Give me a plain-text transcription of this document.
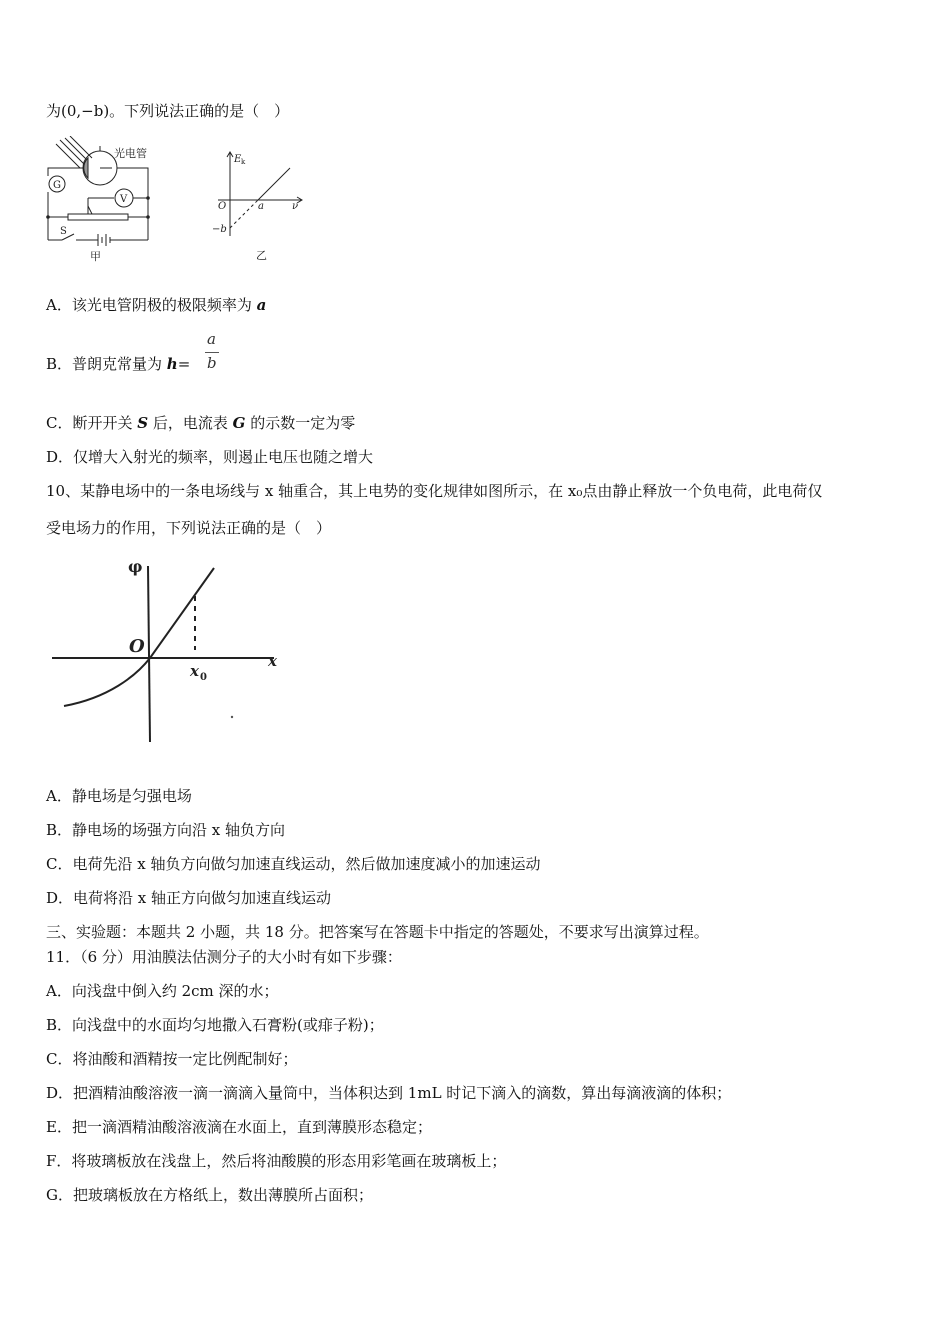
为(0,−b)。下列说法正确的是（　）
光电管
G
V
S
甲
E k
O	a	ν
−b
乙
A．该光电管阴极的极限频率为 a
B．普朗克常量为 h=
a
b
C．断开开关 S 后，电流表 G 的示数一定为零
D．仅增大入射光的频率，则遏止电压也随之增大
10、某静电场中的一条电场线与 x 轴重合，其上电势的变化规律如图所示，在 x₀点由静止释放一个负电荷，此电荷仅
受电场力的作用，下列说法正确的是（　）
φ
O
x 0
x
A．静电场是匀强电场
B．静电场的场强方向沿 x 轴负方向
C．电荷先沿 x 轴负方向做匀加速直线运动，然后做加速度减小的加速运动
D．电荷将沿 x 轴正方向做匀加速直线运动
三、实验题：本题共 2 小题，共 18 分。把答案写在答题卡中指定的答题处，不要求写出演算过程。
11．（6 分）用油膜法估测分子的大小时有如下步骤：
A．向浅盘中倒入约 2cm 深的水；
B．向浅盘中的水面均匀地撒入石膏粉(或痱子粉)；
C．将油酸和酒精按一定比例配制好；
D．把酒精油酸溶液一滴一滴滴入量筒中，当体积达到 1mL 时记下滴入的滴数，算出每滴液滴的体积；
E．把一滴酒精油酸溶液滴在水面上，直到薄膜形态稳定；
F．将玻璃板放在浅盘上，然后将油酸膜的形态用彩笔画在玻璃板上；
G．把玻璃板放在方格纸上，数出薄膜所占面积；
